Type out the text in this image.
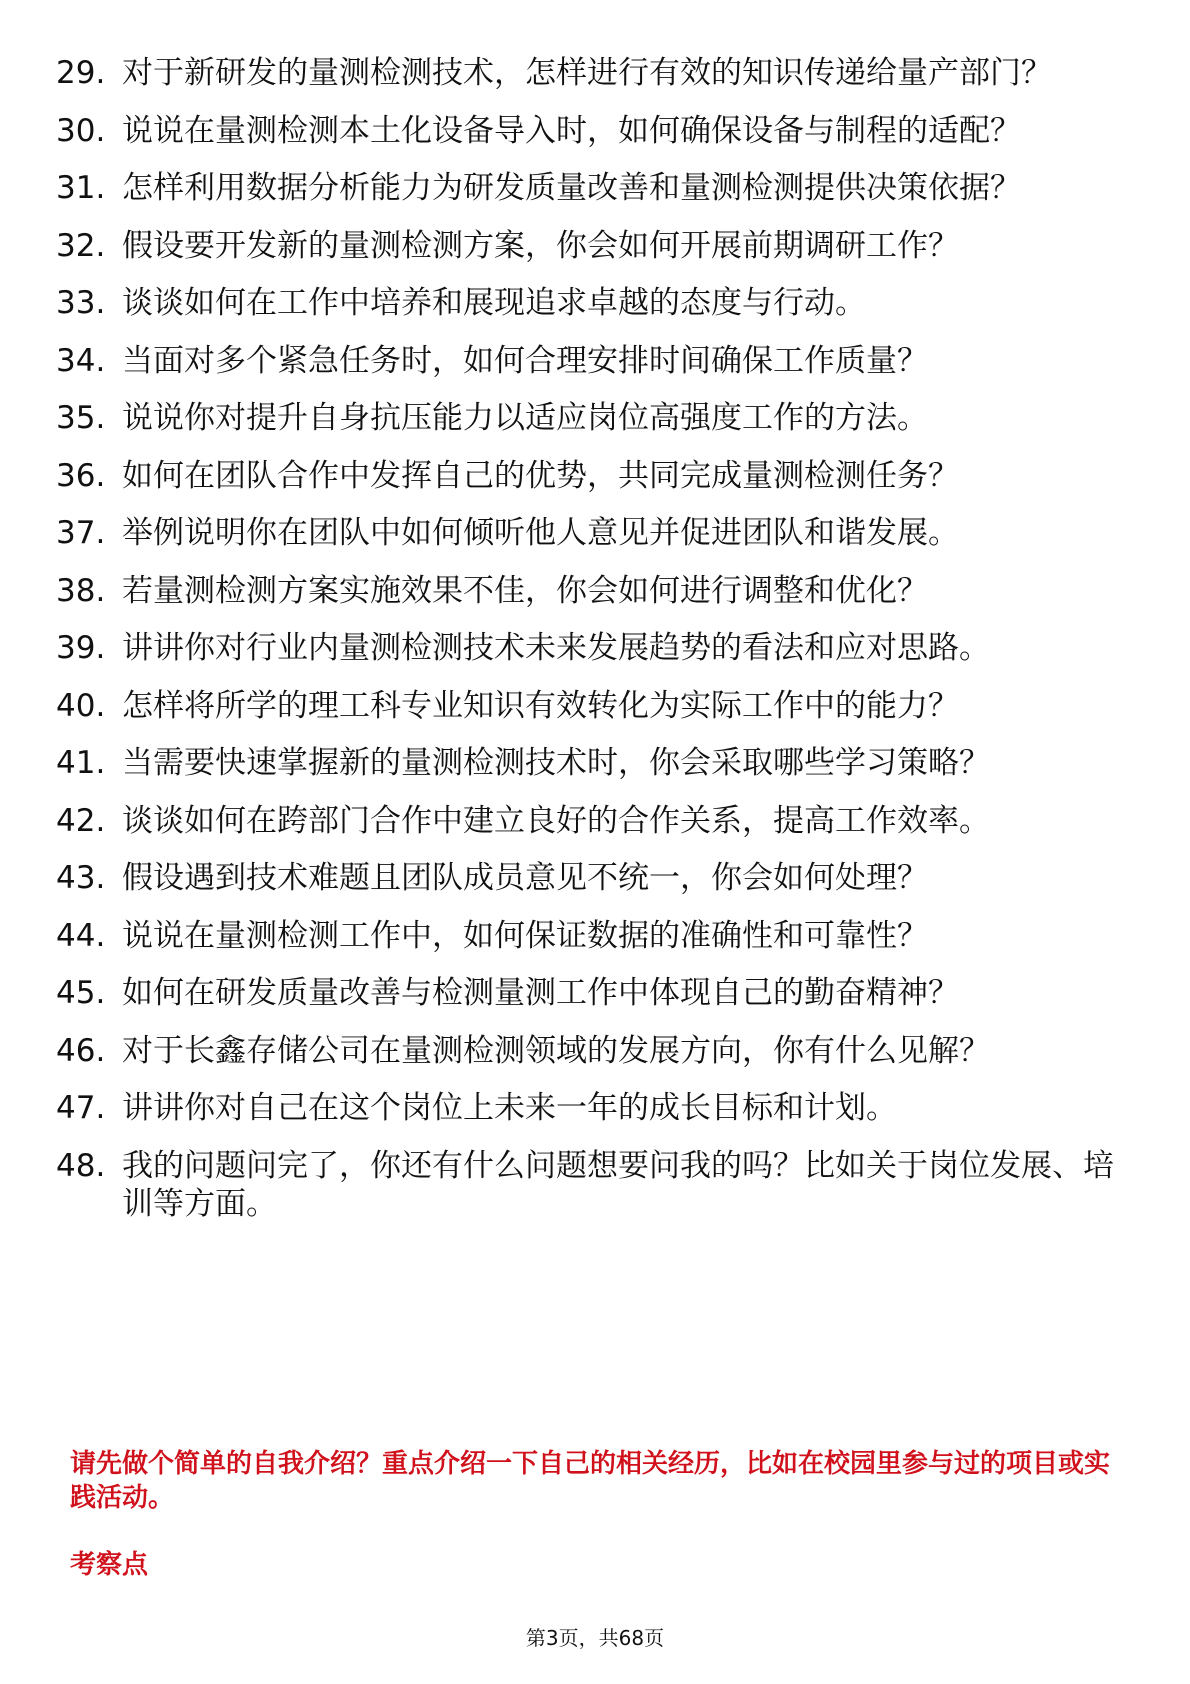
29. 对于新研发的量测检测技术，怎样进行有效的知识传递给量产部门？
30. 说说在量测检测本土化设备导入时，如何确保设备与制程的适配？
31. 怎样利用数据分析能力为研发质量改善和量测检测提供决策依据？
32. 假设要开发新的量测检测方案，你会如何开展前期调研工作？
33. 谈谈如何在工作中培养和展现追求卓越的态度与行动。
34. 当面对多个紧急任务时，如何合理安排时间确保工作质量？
35. 说说你对提升自身抗压能力以适应岗位高强度工作的方法。
36. 如何在团队合作中发挥自己的优势，共同完成量测检测任务？
37. 举例说明你在团队中如何倾听他人意见并促进团队和谐发展。
38. 若量测检测方案实施效果不佳，你会如何进行调整和优化？
39. 讲讲你对行业内量测检测技术未来发展趋势的看法和应对思路。
40. 怎样将所学的理工科专业知识有效转化为实际工作中的能力？
41. 当需要快速掌握新的量测检测技术时，你会采取哪些学习策略？
42. 谈谈如何在跨部门合作中建立良好的合作关系，提高工作效率。
43. 假设遇到技术难题且团队成员意见不统一，你会如何处理？
44. 说说在量测检测工作中，如何保证数据的准确性和可靠性？
45. 如何在研发质量改善与检测量测工作中体现自己的勤奋精神？
46. 对于长鑫存储公司在量测检测领域的发展方向，你有什么见解？
47. 讲讲你对自己在这个岗位上未来一年的成长目标和计划。
48. 我的问题问完了，你还有什么问题想要问我的吗？比如关于岗位发展、培训等方面。
请先做个简单的自我介绍？重点介绍一下自己的相关经历，比如在校园里参与过的项目或实践活动。
考察点
第3页，共68页
